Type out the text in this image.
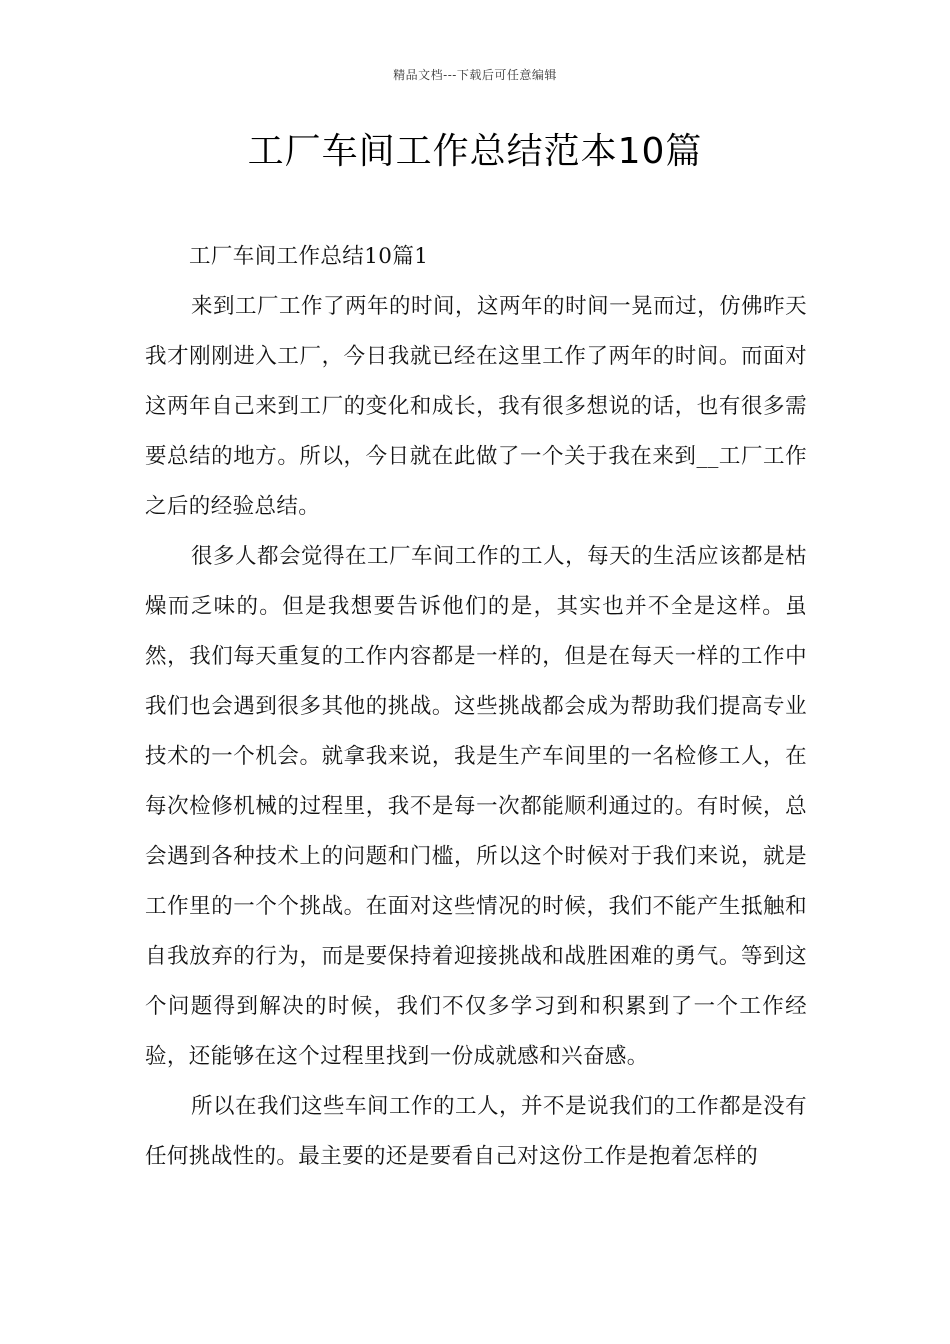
精品文档---下载后可任意编辑
工厂车间工作总结范本10篇

工厂车间工作总结10篇1

来到工厂工作了两年的时间，这两年的时间一晃而过，仿佛昨天我才刚刚进入工厂，今日我就已经在这里工作了两年的时间。而面对这两年自己来到工厂的变化和成长，我有很多想说的话，也有很多需要总结的地方。所以，今日就在此做了一个关于我在来到__工厂工作之后的经验总结。

很多人都会觉得在工厂车间工作的工人，每天的生活应该都是枯燥而乏味的。但是我想要告诉他们的是，其实也并不全是这样。虽然，我们每天重复的工作内容都是一样的，但是在每天一样的工作中我们也会遇到很多其他的挑战。这些挑战都会成为帮助我们提高专业技术的一个机会。就拿我来说，我是生产车间里的一名检修工人，在每次检修机械的过程里，我不是每一次都能顺利通过的。有时候，总会遇到各种技术上的问题和门槛，所以这个时候对于我们来说，就是工作里的一个个挑战。在面对这些情况的时候，我们不能产生抵触和自我放弃的行为，而是要保持着迎接挑战和战胜困难的勇气。等到这个问题得到解决的时候，我们不仅多学习到和积累到了一个工作经验，还能够在这个过程里找到一份成就感和兴奋感。

所以在我们这些车间工作的工人，并不是说我们的工作都是没有任何挑战性的。最主要的还是要看自己对这份工作是抱着怎样的
